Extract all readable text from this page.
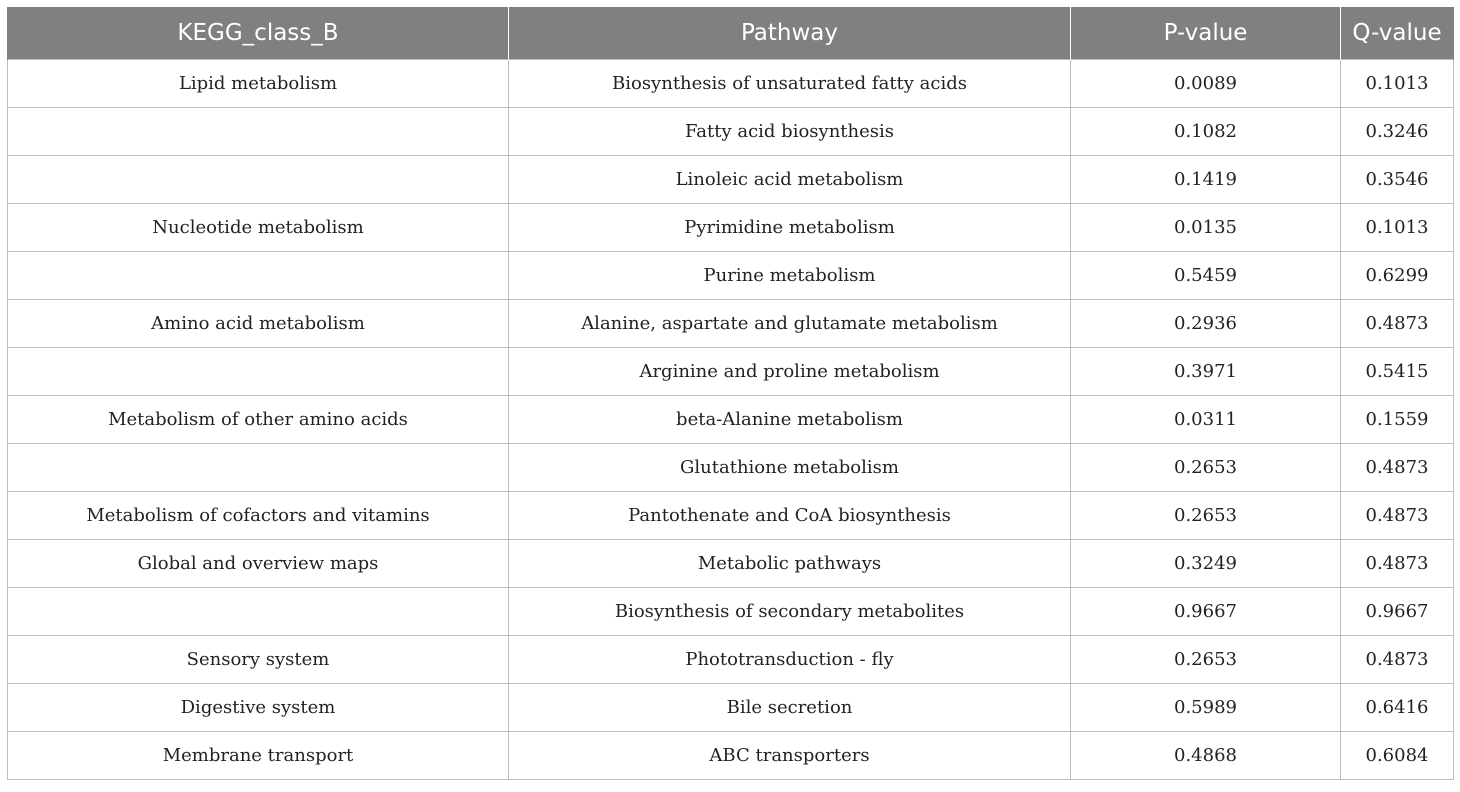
KEGG_class_B	Pathway	P-value	Q-value
Lipid metabolism	Biosynthesis of unsaturated fatty acids	0.0089	0.1013
	Fatty acid biosynthesis	0.1082	0.3246
	Linoleic acid metabolism	0.1419	0.3546
Nucleotide metabolism	Pyrimidine metabolism	0.0135	0.1013
	Purine metabolism	0.5459	0.6299
Amino acid metabolism	Alanine, aspartate and glutamate metabolism	0.2936	0.4873
	Arginine and proline metabolism	0.3971	0.5415
Metabolism of other amino acids	beta-Alanine metabolism	0.0311	0.1559
	Glutathione metabolism	0.2653	0.4873
Metabolism of cofactors and vitamins	Pantothenate and CoA biosynthesis	0.2653	0.4873
Global and overview maps	Metabolic pathways	0.3249	0.4873
	Biosynthesis of secondary metabolites	0.9667	0.9667
Sensory system	Phototransduction - fly	0.2653	0.4873
Digestive system	Bile secretion	0.5989	0.6416
Membrane transport	ABC transporters	0.4868	0.6084
